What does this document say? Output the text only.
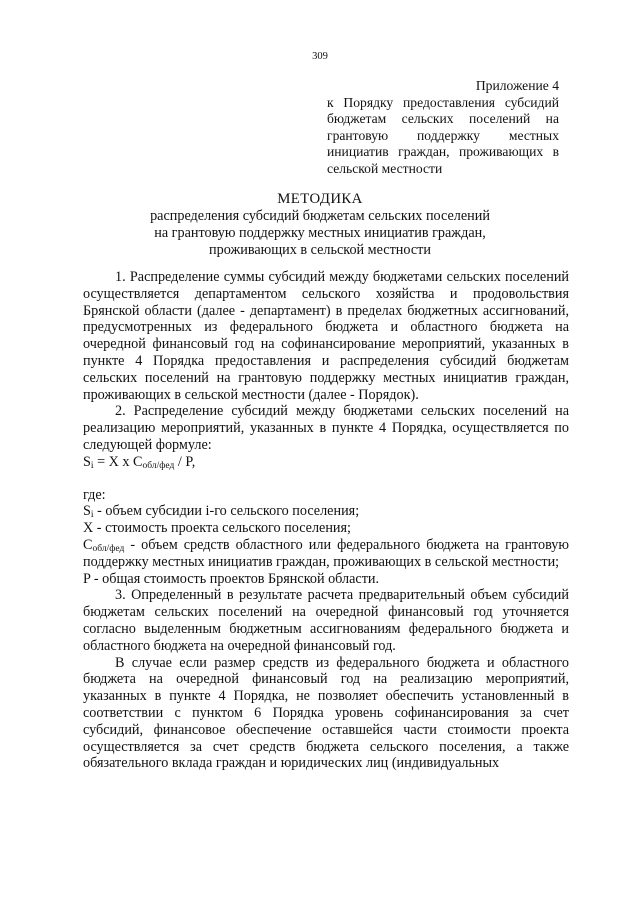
309
Приложение 4
к Порядку предоставления субсидий бюджетам сельских поселений на грантовую поддержку местных инициатив граждан, проживающих в сельской местности
МЕТОДИКА
распределения субсидий бюджетам сельских поселений
на грантовую поддержку местных инициатив граждан,
проживающих в сельской местности

1. Распределение суммы субсидий между бюджетами сельских поселений осуществляется департаментом сельского хозяйства и продовольствия Брянской области (далее - департамент) в пределах бюджетных ассигнований, предусмотренных из федерального бюджета и областного бюджета на очередной финансовый год на софинансирование мероприятий, указанных в пункте 4 Порядка предоставления и распределения субсидий бюджетам сельских поселений на грантовую поддержку местных инициатив граждан, проживающих в сельской местности (далее - Порядок).

2. Распределение субсидий между бюджетами сельских поселений на реализацию мероприятий, указанных в пункте 4 Порядка, осуществляется по следующей формуле:

$S_i = X$ x $C_{обл/фед}$ / P,

где:

$S_i$ - объем субсидии i-го сельского поселения;

X - стоимость проекта сельского поселения;

$С_{обл/фед}$ - объем средств областного или федерального бюджета на грантовую поддержку местных инициатив граждан, проживающих в сельской местности;

P - общая стоимость проектов Брянской области.

3. Определенный в результате расчета предварительный объем субсидий бюджетам сельских поселений на очередной финансовый год уточняется согласно выделенным бюджетным ассигнованиям федерального бюджета и областного бюджета на очередной финансовый год.

В случае если размер средств из федерального бюджета и областного бюджета на очередной финансовый год на реализацию мероприятий, указанных в пункте 4 Порядка, не позволяет обеспечить установленный в соответствии с пунктом 6 Порядка уровень софинансирования за счет субсидий, финансовое обеспечение оставшейся части стоимости проекта осуществляется за счет средств бюджета сельского поселения, а также обязательного вклада граждан и юридических лиц (индивидуальных
